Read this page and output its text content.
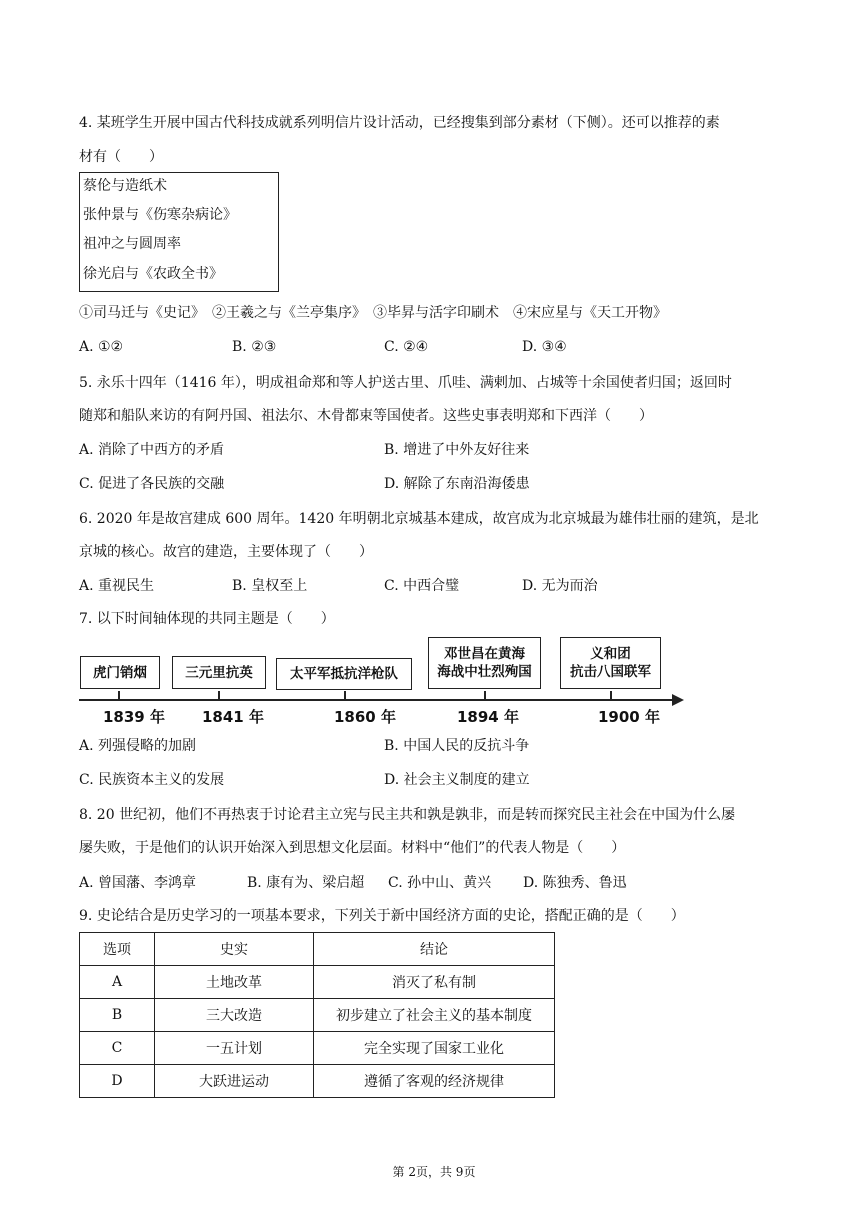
4. 某班学生开展中国古代科技成就系列明信片设计活动，已经搜集到部分素材（下侧）。还可以推荐的素
材有（　　）
蔡伦与造纸术
张仲景与《伤寒杂病论》
祖冲之与圆周率
徐光启与《农政全书》
①司马迁与《史记》　②王羲之与《兰亭集序》　③毕昇与活字印刷术　④宋应星与《天工开物》
A. ①②	B. ②③	C. ②④	D. ③④
5. 永乐十四年（1416 年），明成祖命郑和等人护送古里、爪哇、满剌加、占城等十余国使者归国；返回时
随郑和船队来访的有阿丹国、祖法尔、木骨都束等国使者。这些史事表明郑和下西洋（　　）
A. 消除了中西方的矛盾	B. 增进了中外友好往来
C. 促进了各民族的交融	D. 解除了东南沿海倭患
6. 2020 年是故宫建成 600 周年。1420 年明朝北京城基本建成，故宫成为北京城最为雄伟壮丽的建筑，是北
京城的核心。故宫的建造，主要体现了（　　）
A. 重视民生	B. 皇权至上	C. 中西合璧	D. 无为而治
7. 以下时间轴体现的共同主题是（　　）
虎门销烟	三元里抗英	太平军抵抗洋枪队
邓世昌在黄海
海战中壮烈殉国
义和团
抗击八国联军
1839 年 1841 年	1860 年	1894 年	1900 年
A. 列强侵略的加剧	B. 中国人民的反抗斗争
C. 民族资本主义的发展	D. 社会主义制度的建立
8. 20 世纪初，他们不再热衷于讨论君主立宪与民主共和孰是孰非，而是转而探究民主社会在中国为什么屡
屡失败，于是他们的认识开始深入到思想文化层面。材料中“他们”的代表人物是（　　）
A. 曾国藩、李鸿章	B. 康有为、梁启超 C. 孙中山、黄兴 D. 陈独秀、鲁迅
9. 史论结合是历史学习的一项基本要求，下列关于新中国经济方面的史论，搭配正确的是（　　）
选项	史实	结论
A	土地改革	消灭了私有制
B	三大改造	初步建立了社会主义的基本制度
C	一五计划	完全实现了国家工业化
D	大跃进运动	遵循了客观的经济规律
第 2页，共 9页
